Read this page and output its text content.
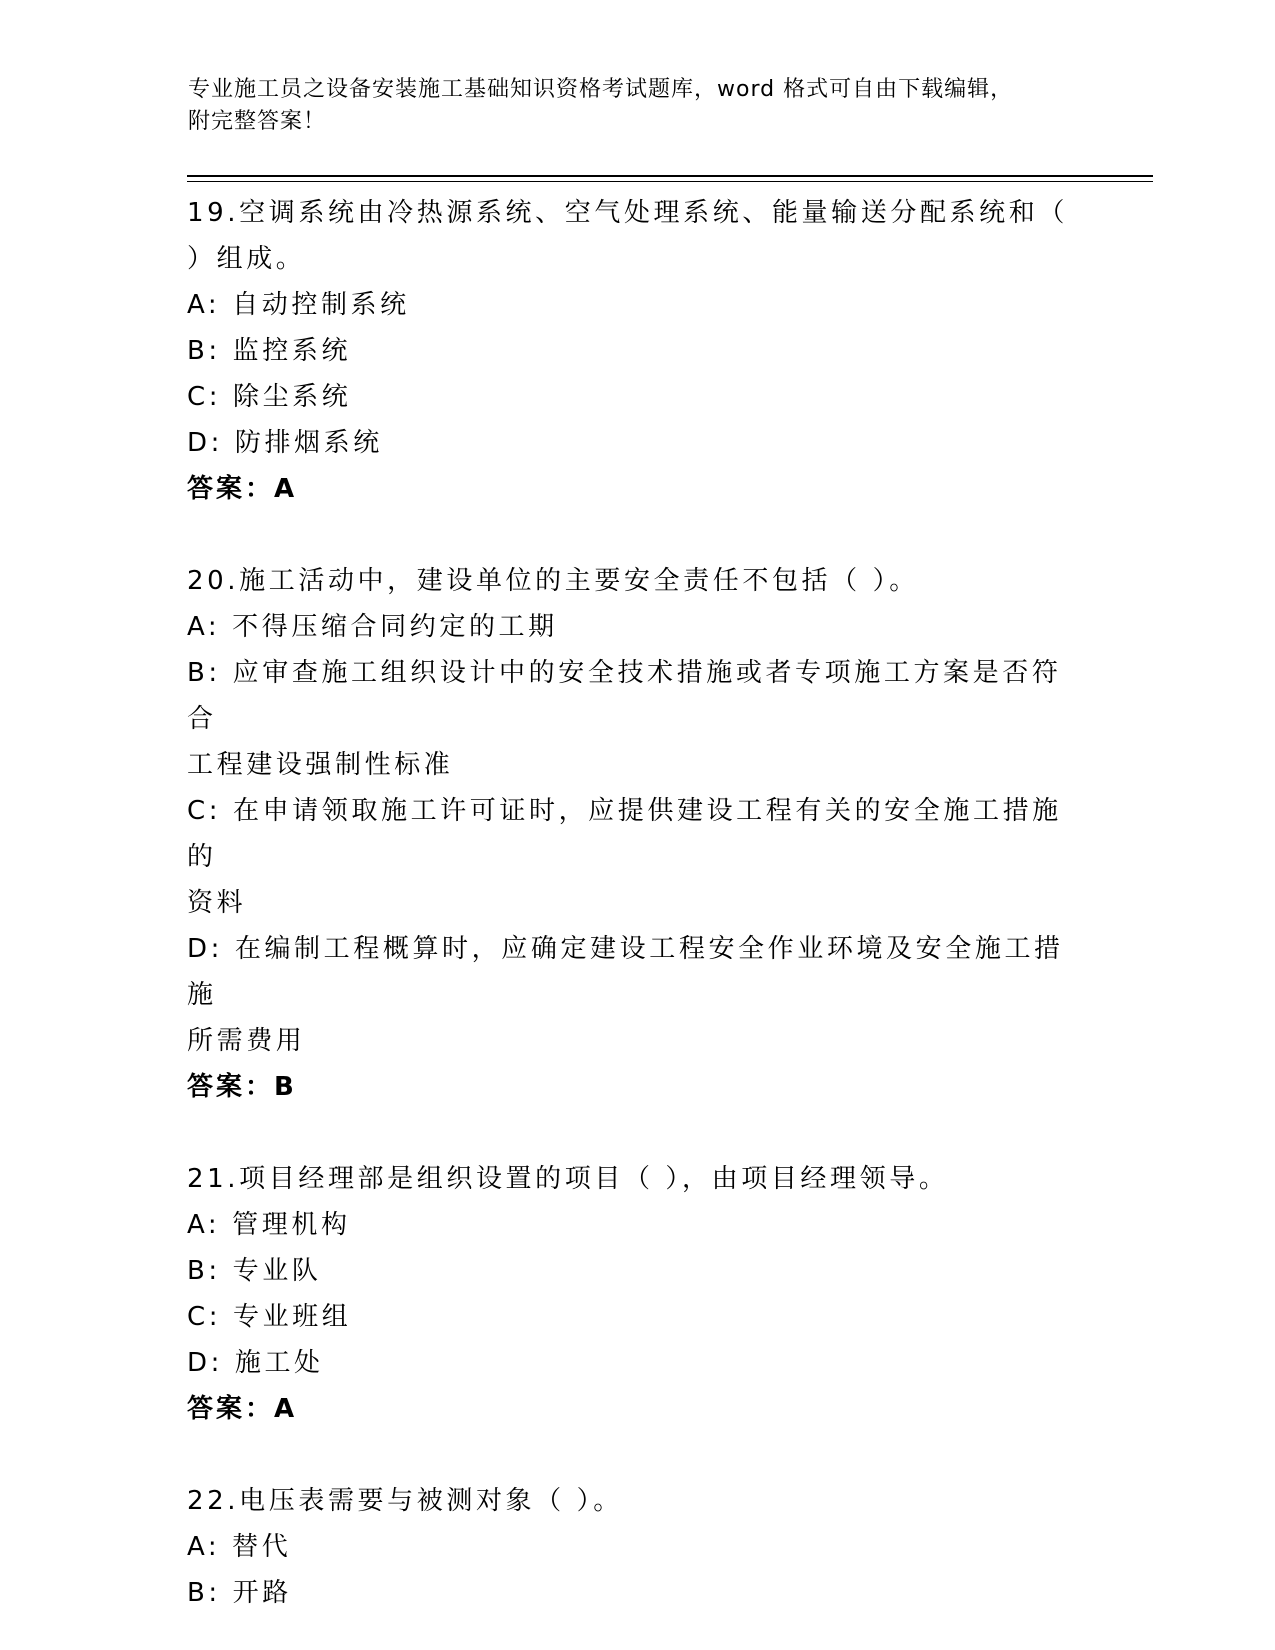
专业施工员之设备安装施工基础知识资格考试题库，word 格式可自由下载编辑，
附完整答案！

19.空调系统由冷热源系统、空气处理系统、能量输送分配系统和（

）组成。

A: 自动控制系统

B: 监控系统

C: 除尘系统

D: 防排烟系统

答案：A

20.施工活动中，建设单位的主要安全责任不包括（ ）。

A: 不得压缩合同约定的工期

B: 应审查施工组织设计中的安全技术措施或者专项施工方案是否符合

工程建设强制性标准

C: 在申请领取施工许可证时，应提供建设工程有关的安全施工措施的

资料

D: 在编制工程概算时，应确定建设工程安全作业环境及安全施工措施

所需费用

答案：B

21.项目经理部是组织设置的项目（ ），由项目经理领导。

A: 管理机构

B: 专业队

C: 专业班组

D: 施工处

答案：A

22.电压表需要与被测对象（ ）。

A: 替代

B: 开路
